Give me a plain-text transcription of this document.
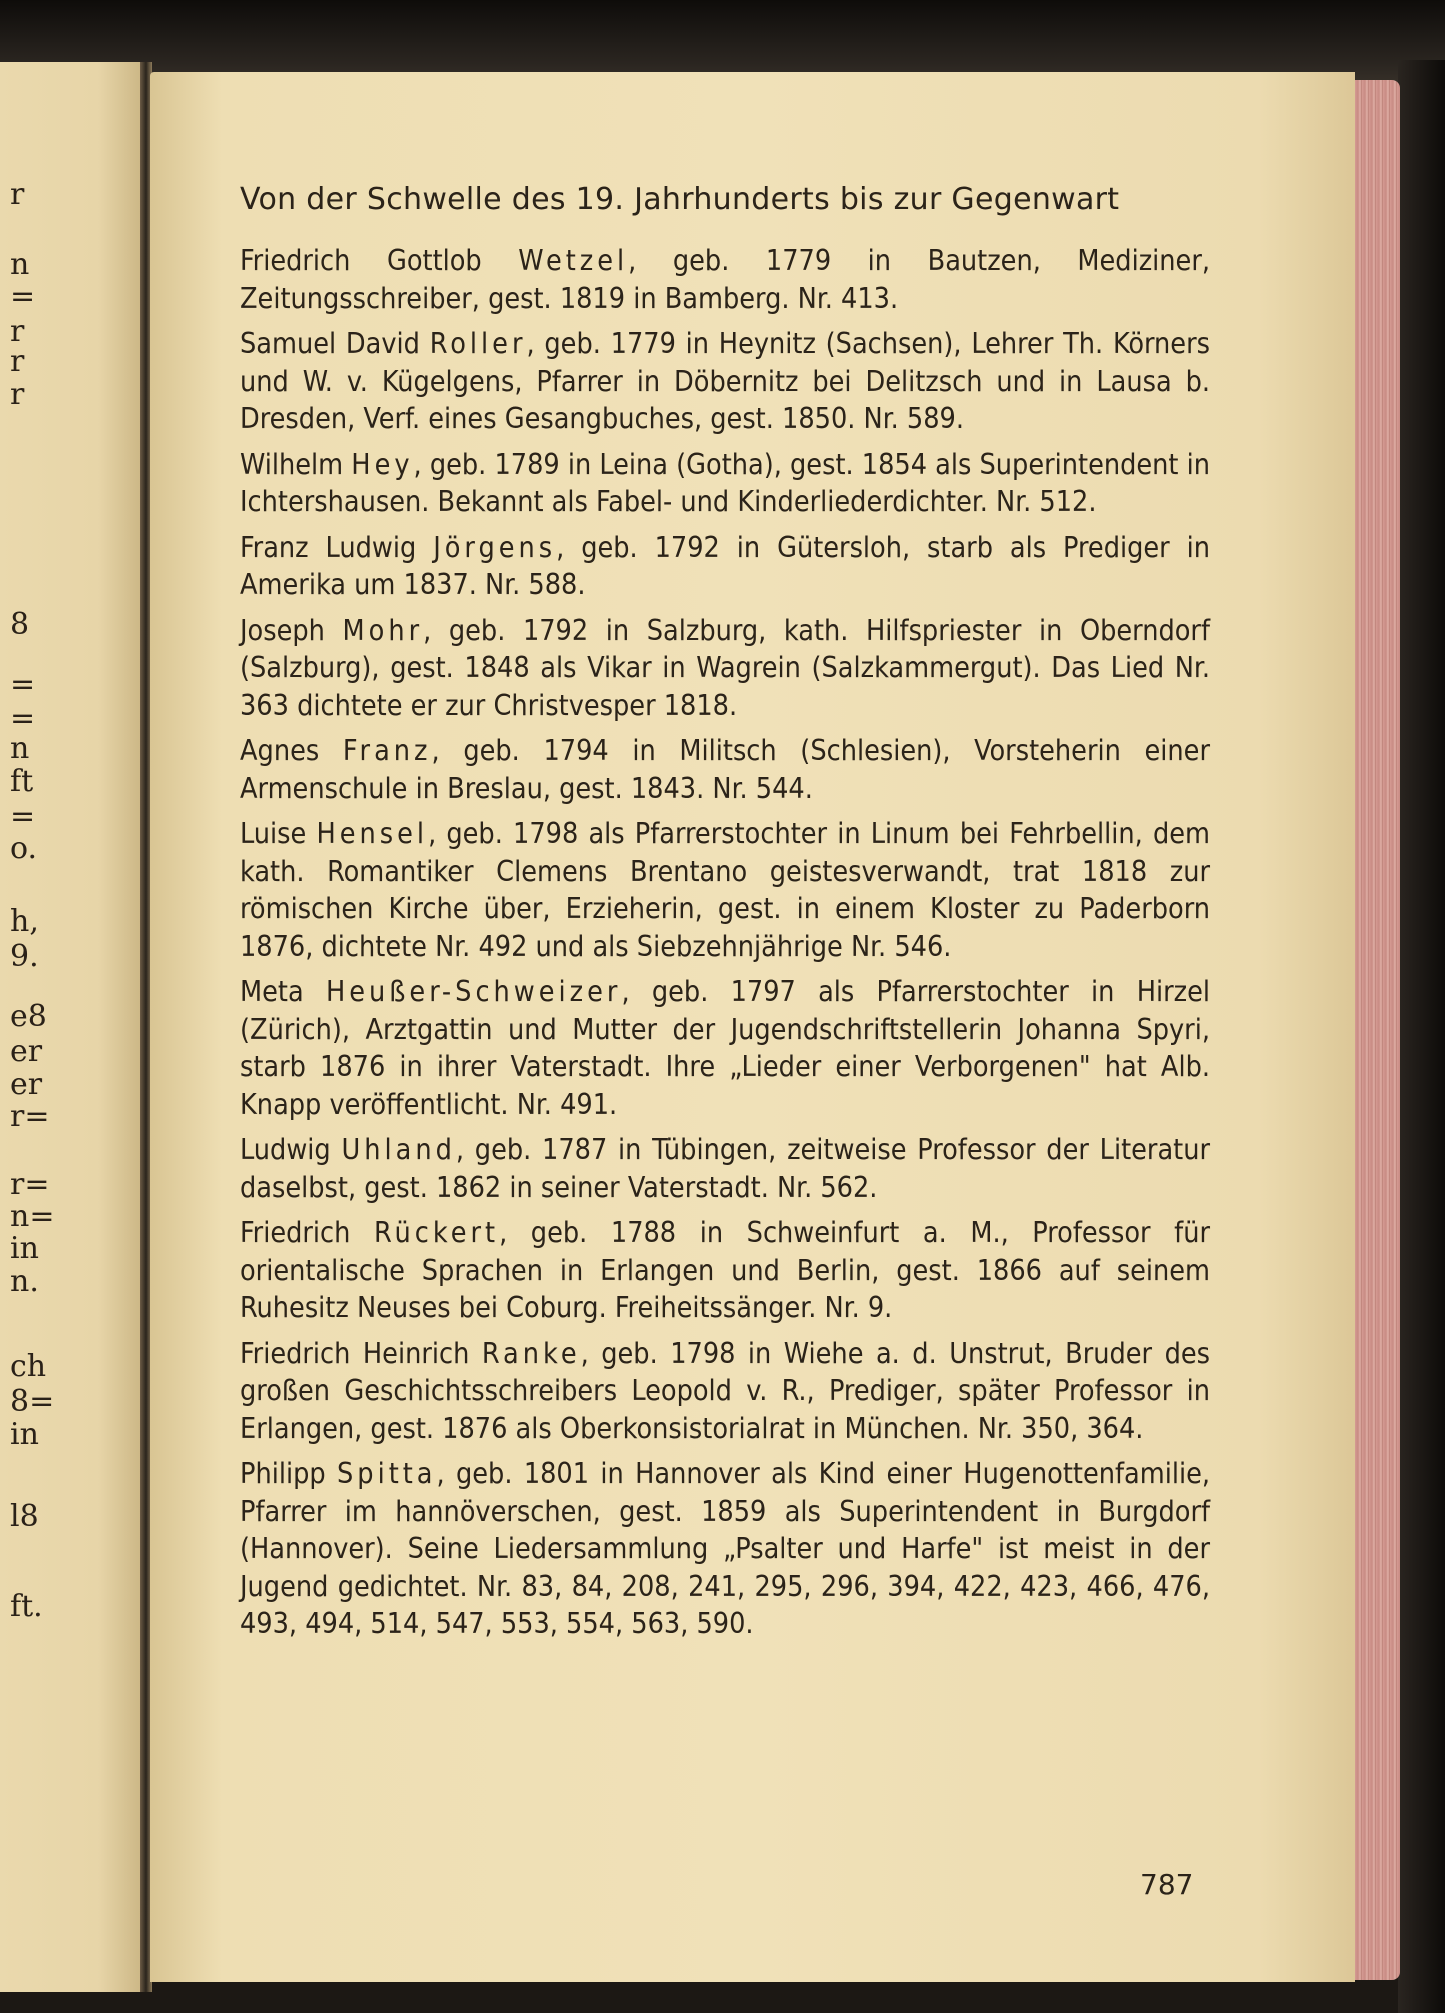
r
n
=
r
r
r
8
=
=
n
ft
=
o.
h,
9.
e8
er
er
r=
r=
n=
in
n.
ch
8=
in
l8
ft.
Von der Schwelle des 19. Jahrhunderts bis zur Gegenwart

Friedrich Gottlob Wetzel, geb. 1779 in Bautzen, Mediziner, Zeitungsschreiber, gest. 1819 in Bamberg. Nr. 413.

Samuel David Roller, geb. 1779 in Heynitz (Sachsen), Lehrer Th. Körners und W. v. Kügelgens, Pfarrer in Döbernitz bei Delitzsch und in Lausa b. Dresden, Verf. eines Gesangbuches, gest. 1850. Nr. 589.

Wilhelm Hey, geb. 1789 in Leina (Gotha), gest. 1854 als Superintendent in Ichtershausen. Bekannt als Fabel- und Kinderliederdichter. Nr. 512.

Franz Ludwig Jörgens, geb. 1792 in Gütersloh, starb als Prediger in Amerika um 1837. Nr. 588.

Joseph Mohr, geb. 1792 in Salzburg, kath. Hilfspriester in Oberndorf (Salzburg), gest. 1848 als Vikar in Wagrein (Salzkammergut). Das Lied Nr. 363 dichtete er zur Christvesper 1818.

Agnes Franz, geb. 1794 in Militsch (Schlesien), Vorsteherin einer Armenschule in Breslau, gest. 1843. Nr. 544.

Luise Hensel, geb. 1798 als Pfarrerstochter in Linum bei Fehrbellin, dem kath. Romantiker Clemens Brentano geistesverwandt, trat 1818 zur römischen Kirche über, Erzieherin, gest. in einem Kloster zu Paderborn 1876, dichtete Nr. 492 und als Siebzehnjährige Nr. 546.

Meta Heußer-Schweizer, geb. 1797 als Pfarrerstochter in Hirzel (Zürich), Arztgattin und Mutter der Jugendschriftstellerin Johanna Spyri, starb 1876 in ihrer Vaterstadt. Ihre „Lieder einer Verborgenen" hat Alb. Knapp veröffentlicht. Nr. 491.

Ludwig Uhland, geb. 1787 in Tübingen, zeitweise Professor der Literatur daselbst, gest. 1862 in seiner Vaterstadt. Nr. 562.

Friedrich Rückert, geb. 1788 in Schweinfurt a. M., Professor für orientalische Sprachen in Erlangen und Berlin, gest. 1866 auf seinem Ruhesitz Neuses bei Coburg. Freiheitssänger. Nr. 9.

Friedrich Heinrich Ranke, geb. 1798 in Wiehe a. d. Unstrut, Bruder des großen Geschichtsschreibers Leopold v. R., Prediger, später Professor in Erlangen, gest. 1876 als Oberkonsistorialrat in München. Nr. 350, 364.

Philipp Spitta, geb. 1801 in Hannover als Kind einer Hugenottenfamilie, Pfarrer im hannöverschen, gest. 1859 als Superintendent in Burgdorf (Hannover). Seine Liedersammlung „Psalter und Harfe" ist meist in der Jugend gedichtet. Nr. 83, 84, 208, 241, 295, 296, 394, 422, 423, 466, 476, 493, 494, 514, 547, 553, 554, 563, 590.

787
